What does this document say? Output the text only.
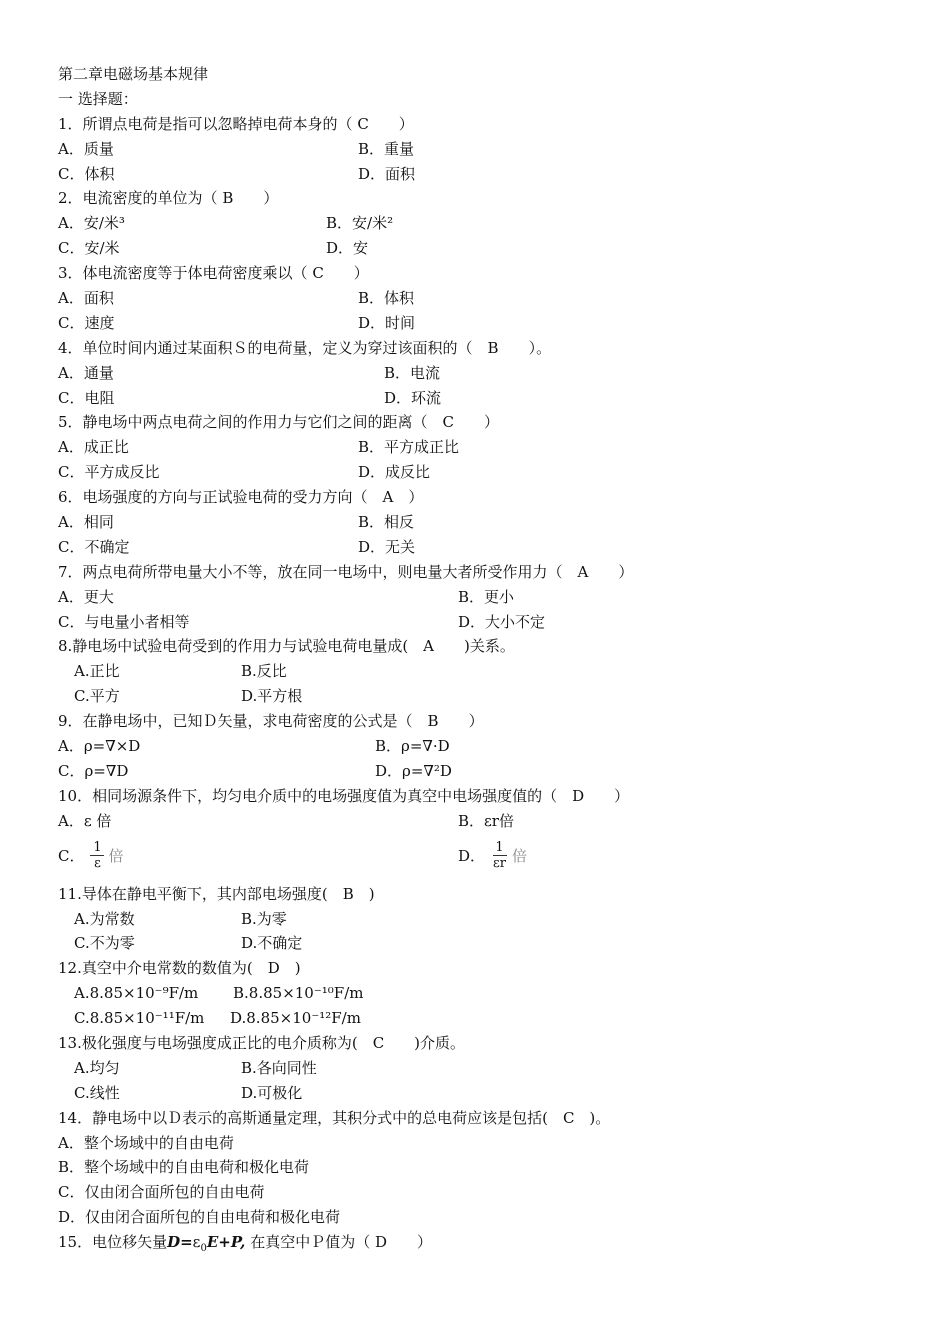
第二章电磁场基本规律
一 选择题：
1．所谓点电荷是指可以忽略掉电荷本身的（ C　　）
A．质量	B．重量
C．体积	D．面积
2．电流密度的单位为（ B　　）
A．安/米³	B．安/米²
C．安/米	D．安
3．体电流密度等于体电荷密度乘以（ C　　）
A．面积	B．体积
C．速度	D．时间
4．单位时间内通过某面积Ｓ的电荷量，定义为穿过该面积的（　B　　）。
A．通量	B．电流
C．电阻	D．环流
5．静电场中两点电荷之间的作用力与它们之间的距离（　C　　）
A．成正比	B．平方成正比
C．平方成反比	D．成反比
6．电场强度的方向与正试验电荷的受力方向（　A　）
A．相同	B．相反
C．不确定	D．无关
7．两点电荷所带电量大小不等，放在同一电场中，则电量大者所受作用力（　A　　）
A．更大	B．更小
C．与电量小者相等	D．大小不定
8.静电场中试验电荷受到的作用力与试验电荷电量成(　A　　)关系。
A.正比	B.反比
C.平方	D.平方根
9．在静电场中，已知Ｄ矢量，求电荷密度的公式是（　B　　）
A．ρ=∇×D	B．ρ=∇·D
C．ρ=∇D	D．ρ=∇²D
10．相同场源条件下，均匀电介质中的电场强度值为真空中电场强度值的（　D　　）
A．ε 倍	B．εr倍
C． $\frac{1}{\varepsilon}$ 倍	D． $\frac{1}{\varepsilon r}$ 倍
11.导体在静电平衡下，其内部电场强度(　B　)
A.为常数	B.为零
C.不为零	D.不确定
12.真空中介电常数的数值为(　D　)
A.8.85×10⁻⁹F/m B.8.85×10⁻¹⁰F/m
C.8.85×10⁻¹¹F/m D.8.85×10⁻¹²F/m
13.极化强度与电场强度成正比的电介质称为(　C　　)介质。
A.均匀	B.各向同性
C.线性	D.可极化
14．静电场中以Ｄ表示的高斯通量定理，其积分式中的总电荷应该是包括(　C　)。
A．整个场域中的自由电荷
B．整个场域中的自由电荷和极化电荷
C．仅由闭合面所包的自由电荷
D．仅由闭合面所包的自由电荷和极化电荷
15．电位移矢量$D=\varepsilon_0E+P$, 在真空中Ｐ值为（ D　　）
